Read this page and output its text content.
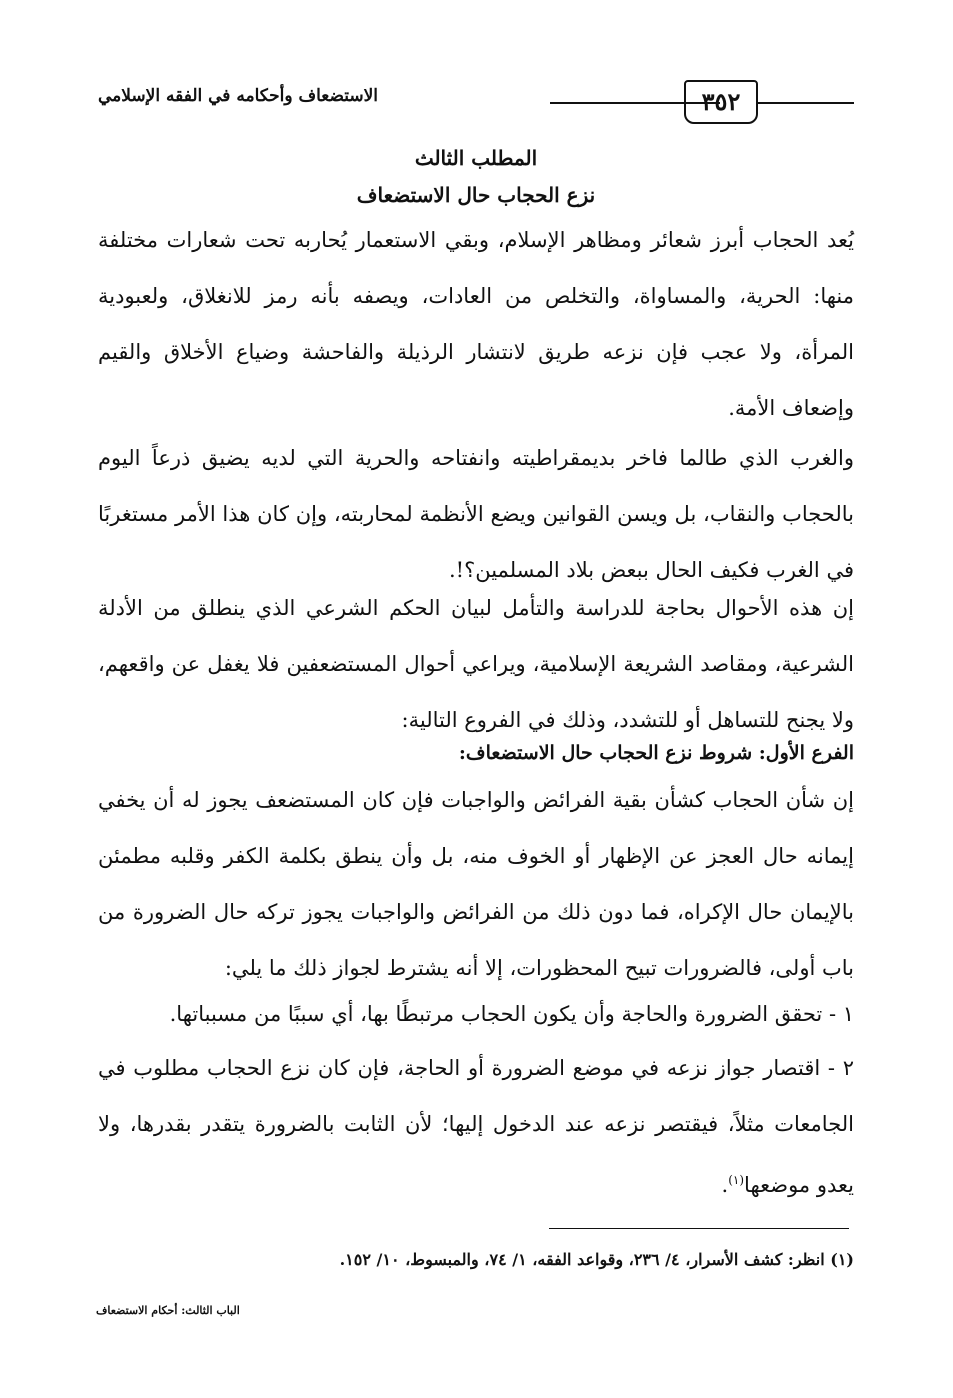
٣٥٢
الاستضعاف وأحكامه في الفقه الإسلامي
المطلب الثالث
نزع الحجاب حال الاستضعاف
يُعد الحجاب أبرز شعائر ومظاهر الإسلام، وبقي الاستعمار يُحاربه تحت شعارات مختلفة منها: الحرية، والمساواة، والتخلص من العادات، ويصفه بأنه رمز للانغلاق، ولعبودية المرأة، ولا عجب فإن نزعه طريق لانتشار الرذيلة والفاحشة وضياع الأخلاق والقيم وإضعاف الأمة.
والغرب الذي طالما فاخر بديمقراطيته وانفتاحه والحرية التي لديه يضيق ذرعاً اليوم بالحجاب والنقاب، بل ويسن القوانين ويضع الأنظمة لمحاربته، وإن كان هذا الأمر مستغربًا في الغرب فكيف الحال ببعض بلاد المسلمين؟!.
إن هذه الأحوال بحاجة للدراسة والتأمل لبيان الحكم الشرعي الذي ينطلق من الأدلة الشرعية، ومقاصد الشريعة الإسلامية، ويراعي أحوال المستضعفين فلا يغفل عن واقعهم، ولا يجنح للتساهل أو للتشدد، وذلك في الفروع التالية:
الفرع الأول: شروط نزع الحجاب حال الاستضعاف:
إن شأن الحجاب كشأن بقية الفرائض والواجبات فإن كان المستضعف يجوز له أن يخفي إيمانه حال العجز عن الإظهار أو الخوف منه، بل وأن ينطق بكلمة الكفر وقلبه مطمئن بالإيمان حال الإكراه، فما دون ذلك من الفرائض والواجبات يجوز تركه حال الضرورة من باب أولى، فالضرورات تبيح المحظورات، إلا أنه يشترط لجواز ذلك ما يلي:
١ - تحقق الضرورة والحاجة وأن يكون الحجاب مرتبطًا بها، أي سببًا من مسبباتها.
٢ - اقتصار جواز نزعه في موضع الضرورة أو الحاجة، فإن كان نزع الحجاب مطلوب في الجامعات مثلاً، فيقتصر نزعه عند الدخول إليها؛ لأن الثابت بالضرورة يتقدر بقدرها، ولا يعدو موضعها$^{(١)}$.
(١) انظر: كشف الأسرار، ٤/ ٢٣٦، وقواعد الفقه، ١/ ٧٤، والمبسوط، ١٠/ ١٥٢.
الباب الثالث: أحكام الاستضعاف
